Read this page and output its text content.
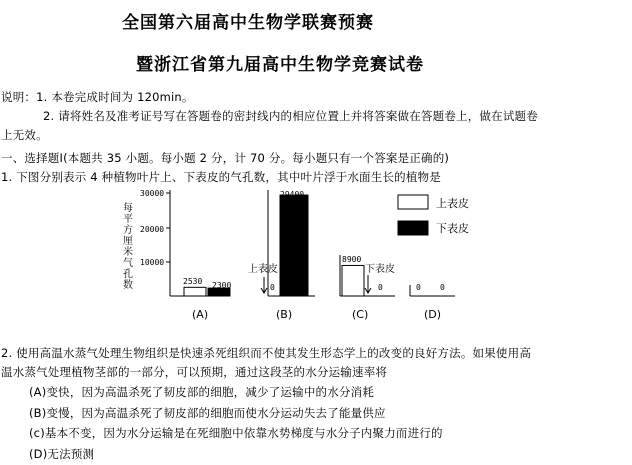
全国第六届高中生物学联赛预赛
暨浙江省第九届高中生物学竞赛试卷
说明：1. 本卷完成时间为 120min。
2. 请将姓名及准考证号写在答题卷的密封线内的相应位置上并将答案做在答题卷上，做在试题卷
上无效。
一、选择题Ⅰ(本题共 35 小题。每小题 2 分，计 70 分。每小题只有一个答案是正确的)
1. 下图分别表示 4 种植物叶片上、下表皮的气孔数，其中叶片浮于水面生长的植物是
每平方厘米气孔数
30000
20000
10000
2530 2300
29400
上表皮
0
8900
下表皮
0	0 0
(A)	(B)	(C)	(D)
上表皮
下表皮
2. 使用高温水蒸气处理生物组织是快速杀死组织而不使其发生形态学上的改变的良好方法。如果使用高
温水蒸气处理植物茎部的一部分，可以预期，通过这段茎的水分运输速率将
(A)变快，因为高温杀死了韧皮部的细胞，减少了运输中的水分消耗
(B)变慢，因为高温杀死了韧皮部的细胞而使水分运动失去了能量供应
(c)基本不变，因为水分运输是在死细胞中依靠水势梯度与水分子内聚力而进行的
(D)无法预测
